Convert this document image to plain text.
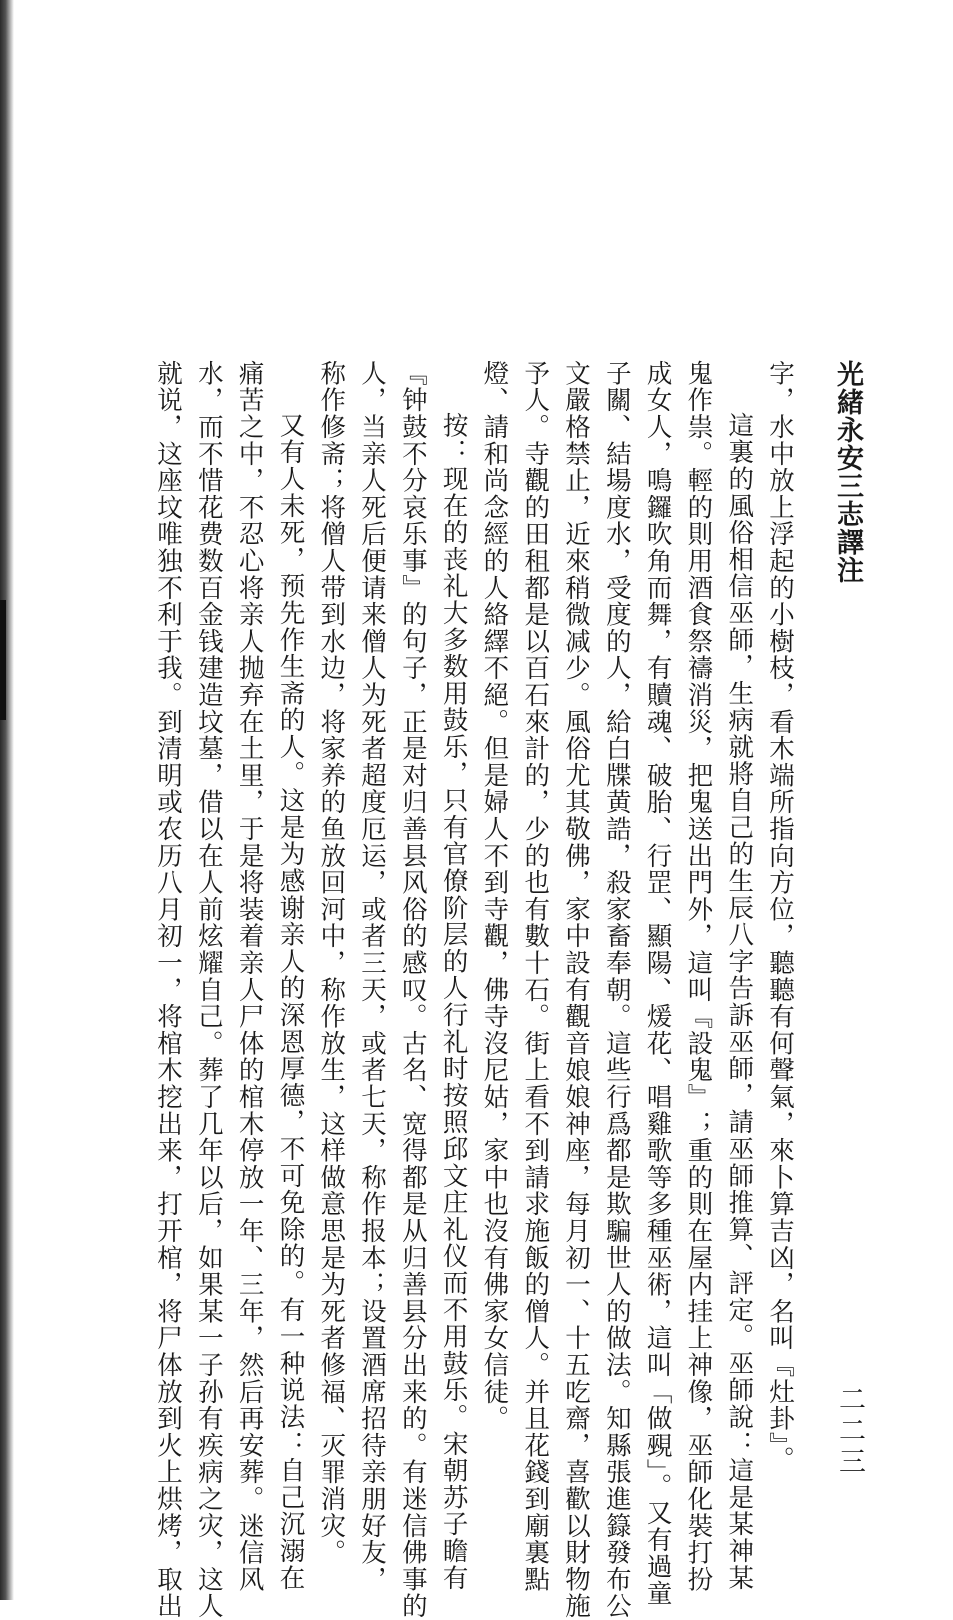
光緒永安三志譯注
二二三
字，水中放上浮起的小樹枝，看木端所指向方位，聽聽有何聲氣，來卜算吉凶，名叫『灶卦』。
這裏的風俗相信巫師，生病就將自己的生辰八字告訴巫師，請巫師推算、評定。巫師說：這是某神某
鬼作祟。輕的則用酒食祭禱消災，把鬼送出門外，這叫『設鬼』；重的則在屋内挂上神像，巫師化裝打扮
成女人，鳴鑼吹角而舞，有贖魂、破胎、行罡、顯陽、煖花、唱雞歌等多種巫術，這叫「做覡」。又有過童
子關、結場度水，受度的人，給白牒黄誥，殺家畜奉朝。這些行爲都是欺騙世人的做法。知縣張進籙發布公
文嚴格禁止，近來稍微减少。風俗尤其敬佛，家中設有觀音娘娘神座，每月初一、十五吃齋，喜歡以財物施
予人。寺觀的田租都是以百石來計的，少的也有數十石。街上看不到請求施飯的僧人。并且花錢到廟裏點
燈、請和尚念經的人絡繹不絕。但是婦人不到寺觀，佛寺沒尼姑，家中也沒有佛家女信徒。
按：现在的丧礼大多数用鼓乐，只有官僚阶层的人行礼时按照邱文庄礼仪而不用鼓乐。宋朝苏子瞻有
『钟鼓不分哀乐事』的句子，正是对归善县风俗的感叹。古名、宽得都是从归善县分出来的。有迷信佛事的
人，当亲人死后便请来僧人为死者超度厄运，或者三天，或者七天，称作报本；设置酒席招待亲朋好友，
称作修斋；将僧人带到水边，将家养的鱼放回河中，称作放生，这样做意思是为死者修福、灭罪消灾。
又有人未死，预先作生斋的人。这是为感谢亲人的深恩厚德，不可免除的。有一种说法：自己沉溺在
痛苦之中，不忍心将亲人抛弃在土里，于是将装着亲人尸体的棺木停放一年、三年，然后再安葬。迷信风
水，而不惜花费数百金钱建造坟墓，借以在人前炫耀自己。葬了几年以后，如果某一子孙有疾病之灾，这人
就说，这座坟唯独不利于我。到清明或农历八月初一，将棺木挖出来，打开棺，将尸体放到火上烘烤，取出
